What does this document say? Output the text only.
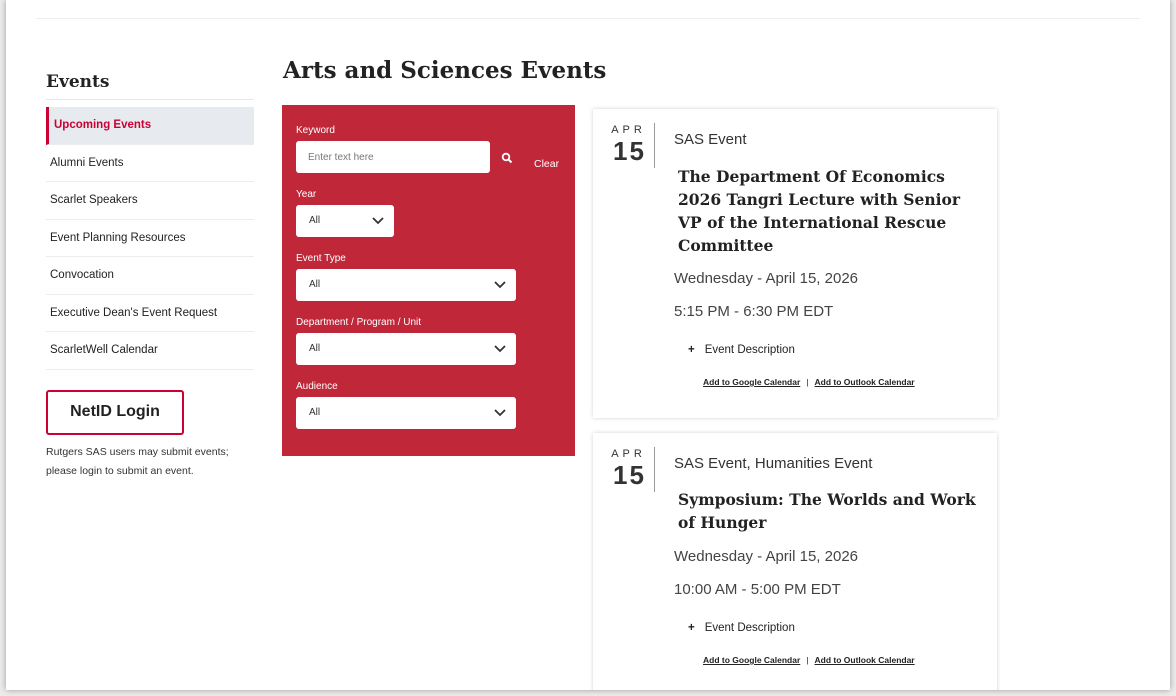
Events
Upcoming Events
Alumni Events
Scarlet Speakers
Event Planning Resources
Convocation
Executive Dean's Event Request
ScarletWell Calendar
NetID Login
Rutgers SAS users may submit events;
please login to submit an event.
Arts and Sciences Events
Keyword
Enter text here
Clear
Year
All
Event Type
All
Department / Program / Unit
All
Audience
All
APR
15	SAS Event
The Department Of Economics 2026 Tangri Lecture with Senior VP of the International Rescue Committee
Wednesday - April 15, 2026
5:15 PM - 6:30 PM EDT
+ Event Description
Add to Google Calendar | Add to Outlook Calendar
APR
15	SAS Event, Humanities Event
Symposium: The Worlds and Work of Hunger
Wednesday - April 15, 2026
10:00 AM - 5:00 PM EDT
+ Event Description
Add to Google Calendar | Add to Outlook Calendar
